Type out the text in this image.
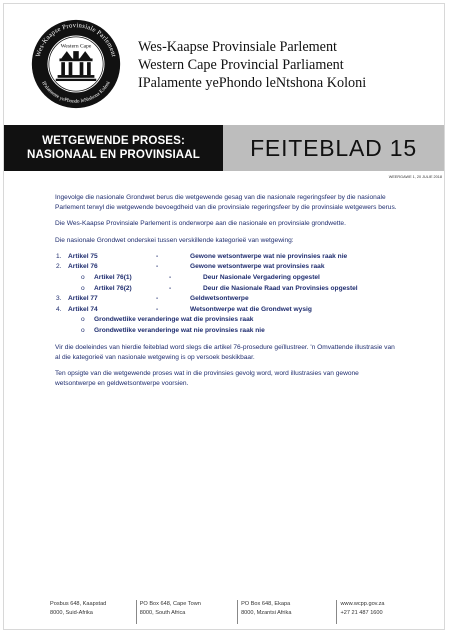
Wes-Kaapse Provinsiale Parlement
IPalamente yePhondo leNtshona Koloni
Western Cape	Wes-Kaapse Provinsiale Parlement
Western Cape Provincial Parliament
IPalamente yePhondo leNtshona Koloni
WETGEWENDE PROSES:
NASIONAAL EN PROVINSIAAL	FEITEBLAD 15
WEERGAWE 1, 20 JULIE 2018

Ingevolge die nasionale Grondwet berus die wetgewende gesag van die nasionale regeringsfeer by die nasionale Parlement terwyl die wetgewende bevoegdheid van die provinsiale regeringsfeer by die provinsiale wetgewers berus.

Die Wes-Kaapse Provinsiale Parlement is onderworpe aan die nasionale en provinsiale grondwette.

Die nasionale Grondwet onderskei tussen verskillende kategorieë van wetgewing:

1. Artikel 75	-	Gewone wetsontwerpe wat nie provinsies raak nie
2. Artikel 76	-	Gewone wetsontwerpe wat provinsies raak
o	Artikel 76(1)	-	Deur Nasionale Vergadering opgestel
o	Artikel 76(2)	-	Deur die Nasionale Raad van Provinsies opgestel
3. Artikel 77	-	Geldwetsontwerpe
4. Artikel 74	-	Wetsontwerpe wat die Grondwet wysig
o	Grondwetlike veranderinge wat die provinsies raak
o	Grondwetlike veranderinge wat nie provinsies raak nie

Vir die doeleindes van hierdie feiteblad word slegs die artikel 76-prosedure geïllustreer. 'n Omvattende illustrasie van al die kategorieë van nasionale wetgewing is op versoek beskikbaar.

Ten opsigte van die wetgewende proses wat in die provinsies gevolg word, word illustrasies van gewone wetsontwerpe en geldwetsontwerpe voorsien.

Posbus 648, Kaapstad
8000, Suid-Afrika
PO Box 648, Cape Town
8000, South Africa
PO Box 648, Ekapa
8000, Mzantsi Afrika
www.wcpp.gov.za
+27 21 487 1600
